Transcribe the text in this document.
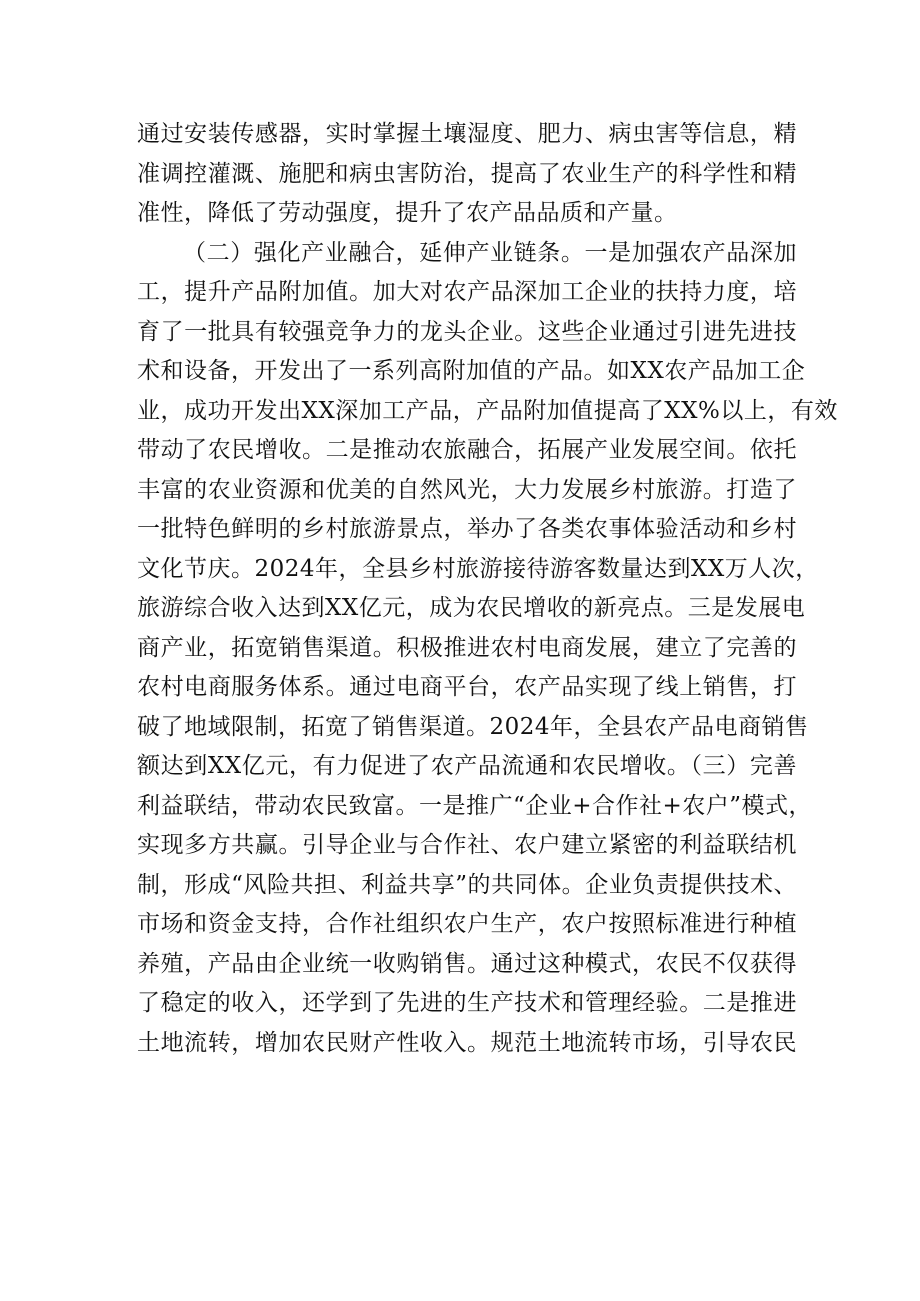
通过安装传感器，实时掌握土壤湿度、肥力、病虫害等信息，精
准调控灌溉、施肥和病虫害防治，提高了农业生产的科学性和精
准性，降低了劳动强度，提升了农产品品质和产量。
（二）强化产业融合，延伸产业链条。一是加强农产品深加
工，提升产品附加值。加大对农产品深加工企业的扶持力度，培
育了一批具有较强竞争力的龙头企业。这些企业通过引进先进技
术和设备，开发出了一系列高附加值的产品。如XX农产品加工企
业，成功开发出XX深加工产品，产品附加值提高了XX%以上，有效
带动了农民增收。二是推动农旅融合，拓展产业发展空间。依托
丰富的农业资源和优美的自然风光，大力发展乡村旅游。打造了
一批特色鲜明的乡村旅游景点，举办了各类农事体验活动和乡村
文化节庆。2024年，全县乡村旅游接待游客数量达到XX万人次，
旅游综合收入达到XX亿元，成为农民增收的新亮点。三是发展电
商产业，拓宽销售渠道。积极推进农村电商发展，建立了完善的
农村电商服务体系。通过电商平台，农产品实现了线上销售，打
破了地域限制，拓宽了销售渠道。2024年，全县农产品电商销售
额达到XX亿元，有力促进了农产品流通和农民增收。（三）完善
利益联结，带动农民致富。一是推广“企业+合作社+农户”模式，
实现多方共赢。引导企业与合作社、农户建立紧密的利益联结机
制，形成“风险共担、利益共享”的共同体。企业负责提供技术、
市场和资金支持，合作社组织农户生产，农户按照标准进行种植
养殖，产品由企业统一收购销售。通过这种模式，农民不仅获得
了稳定的收入，还学到了先进的生产技术和管理经验。二是推进
土地流转，增加农民财产性收入。规范土地流转市场，引导农民
